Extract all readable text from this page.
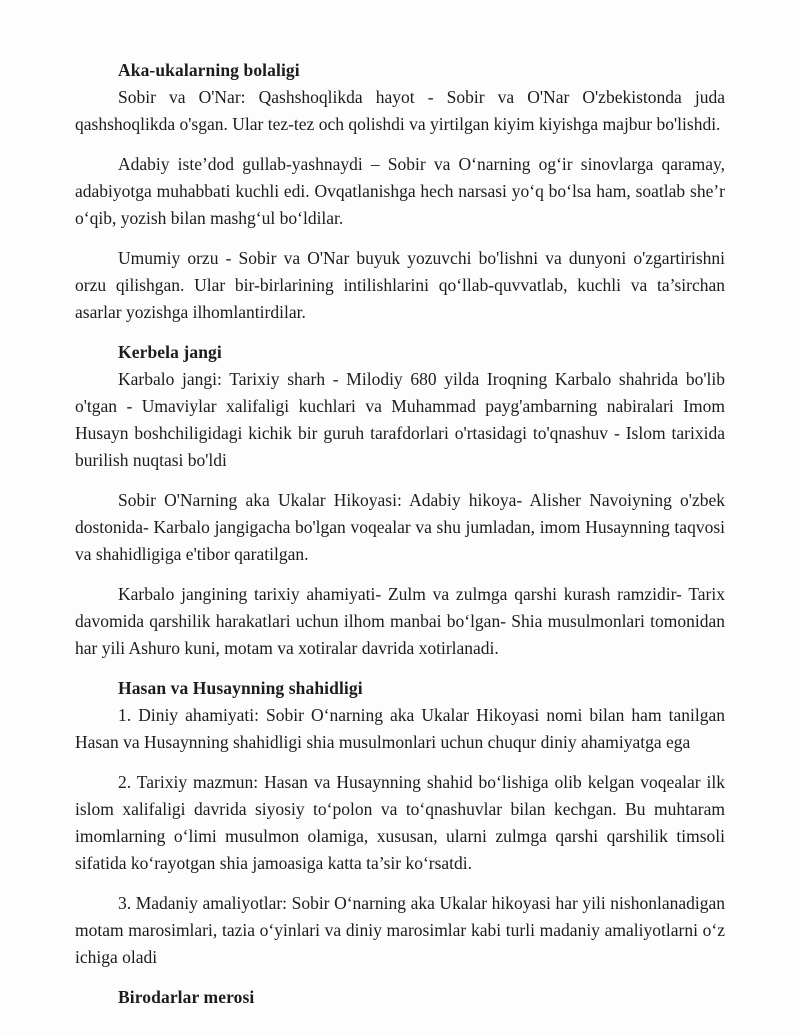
Aka-ukalarning bolaligi

Sobir va O'Nar: Qashshoqlikda hayot - Sobir va O'Nar O'zbekistonda juda qashshoqlikda o'sgan. Ular tez-tez och qolishdi va yirtilgan kiyim kiyishga majbur bo'lishdi.

Adabiy iste’dod gullab-yashnaydi – Sobir va Oʻnarning ogʻir sinovlarga qaramay, adabiyotga muhabbati kuchli edi. Ovqatlanishga hech narsasi yoʻq boʻlsa ham, soatlab she’r oʻqib, yozish bilan mashgʻul boʻldilar.

Umumiy orzu - Sobir va O'Nar buyuk yozuvchi bo'lishni va dunyoni o'zgartirishni orzu qilishgan. Ular bir-birlarining intilishlarini qoʻllab-quvvatlab, kuchli va ta’sirchan asarlar yozishga ilhomlantirdilar.

Kerbela jangi

Karbalo jangi: Tarixiy sharh - Milodiy 680 yilda Iroqning Karbalo shahrida bo'lib o'tgan - Umaviylar xalifaligi kuchlari va Muhammad payg'ambarning nabiralari Imom Husayn boshchiligidagi kichik bir guruh tarafdorlari o'rtasidagi to'qnashuv - Islom tarixida burilish nuqtasi bo'ldi

Sobir O'Narning aka Ukalar Hikoyasi: Adabiy hikoya- Alisher Navoiyning o'zbek dostonida- Karbalo jangigacha bo'lgan voqealar va shu jumladan, imom Husaynning taqvosi va shahidligiga e'tibor qaratilgan.

Karbalo jangining tarixiy ahamiyati- Zulm va zulmga qarshi kurash ramzidir- Tarix davomida qarshilik harakatlari uchun ilhom manbai boʻlgan- Shia musulmonlari tomonidan har yili Ashuro kuni, motam va xotiralar davrida xotirlanadi.

Hasan va Husaynning shahidligi

1. Diniy ahamiyati: Sobir Oʻnarning aka Ukalar Hikoyasi nomi bilan ham tanilgan Hasan va Husaynning shahidligi shia musulmonlari uchun chuqur diniy ahamiyatga ega

2. Tarixiy mazmun: Hasan va Husaynning shahid boʻlishiga olib kelgan voqealar ilk islom xalifaligi davrida siyosiy toʻpolon va toʻqnashuvlar bilan kechgan. Bu muhtaram imomlarning oʻlimi musulmon olamiga, xususan, ularni zulmga qarshi qarshilik timsoli sifatida koʻrayotgan shia jamoasiga katta ta’sir koʻrsatdi.

3. Madaniy amaliyotlar: Sobir Oʻnarning aka Ukalar hikoyasi har yili nishonlanadigan motam marosimlari, tazia oʻyinlari va diniy marosimlar kabi turli madaniy amaliyotlarni oʻz ichiga oladi

Birodarlar merosi
